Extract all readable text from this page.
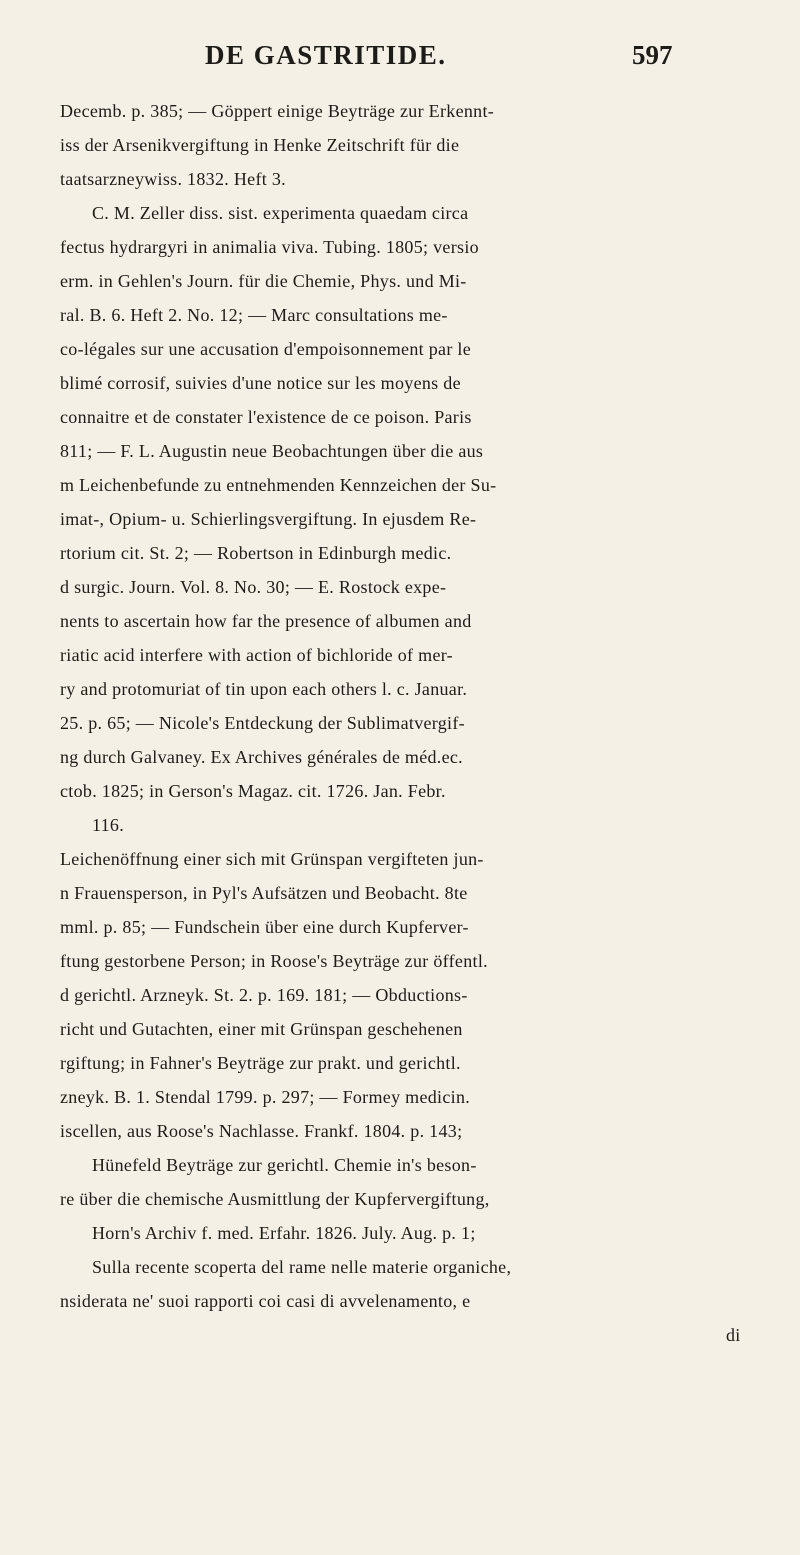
DE GASTRITIDE.	597
Decemb. p. 385; — Göppert einige Beyträge zur Erkennt-
iss der Arsenikvergiftung in Henke Zeitschrift für die
taatsarzneywiss. 1832. Heft 3.
C. M. Zeller diss. sist. experimenta quaedam circa
fectus hydrargyri in animalia viva. Tubing. 1805; versio
erm. in Gehlen's Journ. für die Chemie, Phys. und Mi-
ral. B. 6. Heft 2. No. 12; — Marc consultations me-
co-légales sur une accusation d'empoisonnement par le
blimé corrosif, suivies d'une notice sur les moyens de
connaitre et de constater l'existence de ce poison. Paris
811; — F. L. Augustin neue Beobachtungen über die aus
m Leichenbefunde zu entnehmenden Kennzeichen der Su-
imat-, Opium- u. Schierlingsvergiftung. In ejusdem Re-
rtorium cit. St. 2; — Robertson in Edinburgh medic.
d surgic. Journ. Vol. 8. No. 30; — E. Rostock expe-
nents to ascertain how far the presence of albumen and
riatic acid interfere with action of bichloride of mer-
ry and protomuriat of tin upon each others l. c. Januar.
25. p. 65; — Nicole's Entdeckung der Sublimatvergif-
ng durch Galvaney. Ex Archives générales de méd.ec.
ctob. 1825; in Gerson's Magaz. cit. 1726. Jan. Febr.
116.
Leichenöffnung einer sich mit Grünspan vergifteten jun-
n Frauensperson, in Pyl's Aufsätzen und Beobacht. 8te
mml. p. 85; — Fundschein über eine durch Kupferver-
ftung gestorbene Person; in Roose's Beyträge zur öffentl.
d gerichtl. Arzneyk. St. 2. p. 169. 181; — Obductions-
richt und Gutachten, einer mit Grünspan geschehenen
rgiftung; in Fahner's Beyträge zur prakt. und gerichtl.
zneyk. B. 1. Stendal 1799. p. 297; — Formey medicin.
iscellen, aus Roose's Nachlasse. Frankf. 1804. p. 143;
Hünefeld Beyträge zur gerichtl. Chemie in's beson-
re über die chemische Ausmittlung der Kupfervergiftung,
Horn's Archiv f. med. Erfahr. 1826. July. Aug. p. 1;
Sulla recente scoperta del rame nelle materie organiche,
nsiderata ne' suoi rapporti coi casi di avvelenamento, e
di
